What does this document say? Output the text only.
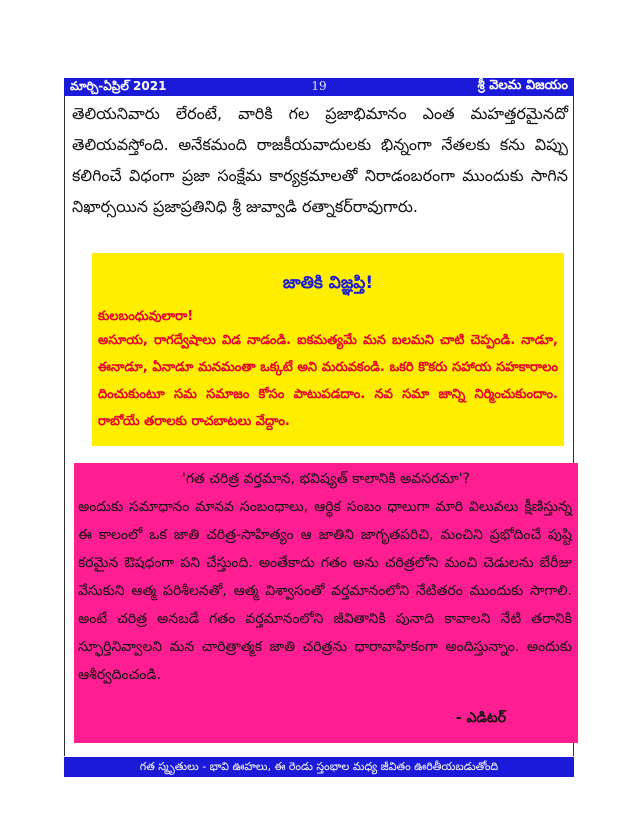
మార్చి-ఏప్రిల్ 2021	19	శ్రీ వెలమ విజయం

తెలియనివారు లేరంటే, వారికి గల ప్రజాభిమానం ఎంత మహత్తరమైనదో తెలియవస్తోంది. అనేకమంది రాజకీయవాదులకు భిన్నంగా నేతలకు కను విప్పు కలిగించే విధంగా ప్రజా సంక్షేమ కార్యక్రమాలతో నిరాడంబరంగా ముందుకు సాగిన నిఖార్సయిన ప్రజాప్రతినిధి శ్రీ జువ్వాడి రత్నాకర్‌రావుగారు.

జాతికి విజ్ఞప్తి!
కులబంధువులారా!
అసూయ, రాగద్వేషాలు విడ నాడండి. ఐకమత్యమే మన బలమని చాటి చెప్పండి. నాడూ, ఈనాడూ, ఏనాడూ మనమంతా ఒక్కటే అని మరువకండి. ఒకరి కొకరు సహాయ సహకారాలం దించుకుంటూ సమ సమాజం కోసం పాటుపడదాం. నవ సమా జాన్ని నిర్మించుకుందాం. రాబోయే తరాలకు రాచబాటలు వేద్దాం.
'గత చరిత్ర వర్తమాన, భవిష్యత్ కాలానికి అవసరమా'?
అందుకు సమాధానం మానవ సంబంధాలు, ఆర్థిక సంబం ధాలుగా మారి విలువలు క్షీణిస్తున్న ఈ కాలంలో ఒక జాతి చరిత్ర-సాహిత్యం ఆ జాతిని జాగృతపరిచి, మంచిని ప్రభోదించే పుష్టి కరమైన ఔషధంగా పని చేస్తుంది. అంతేకాదు గతం అను చరిత్రలోని మంచి చెడులను బేరీజు వేసుకుని ఆత్మ పరిశీలనతో, ఆత్మ విశ్వాసంతో వర్తమానంలోని నేటితరం ముందుకు సాగాలి. అంటే చరిత్ర అనబడే గతం వర్తమానంలోని జీవితానికి పునాది కావాలని నేటి తరానికి స్ఫూర్తినివ్వాలని మన చారిత్రాత్మక జాతి చరిత్రను ధారావాహికంగా అందిస్తున్నాం. అందుకు ఆశీర్వదించండి.
- ఎడిటర్
గత స్మృతులు - భావి ఊహలు, ఈ రెండు స్తంభాల మధ్య జీవితం ఊరితీయబడుతోంది
